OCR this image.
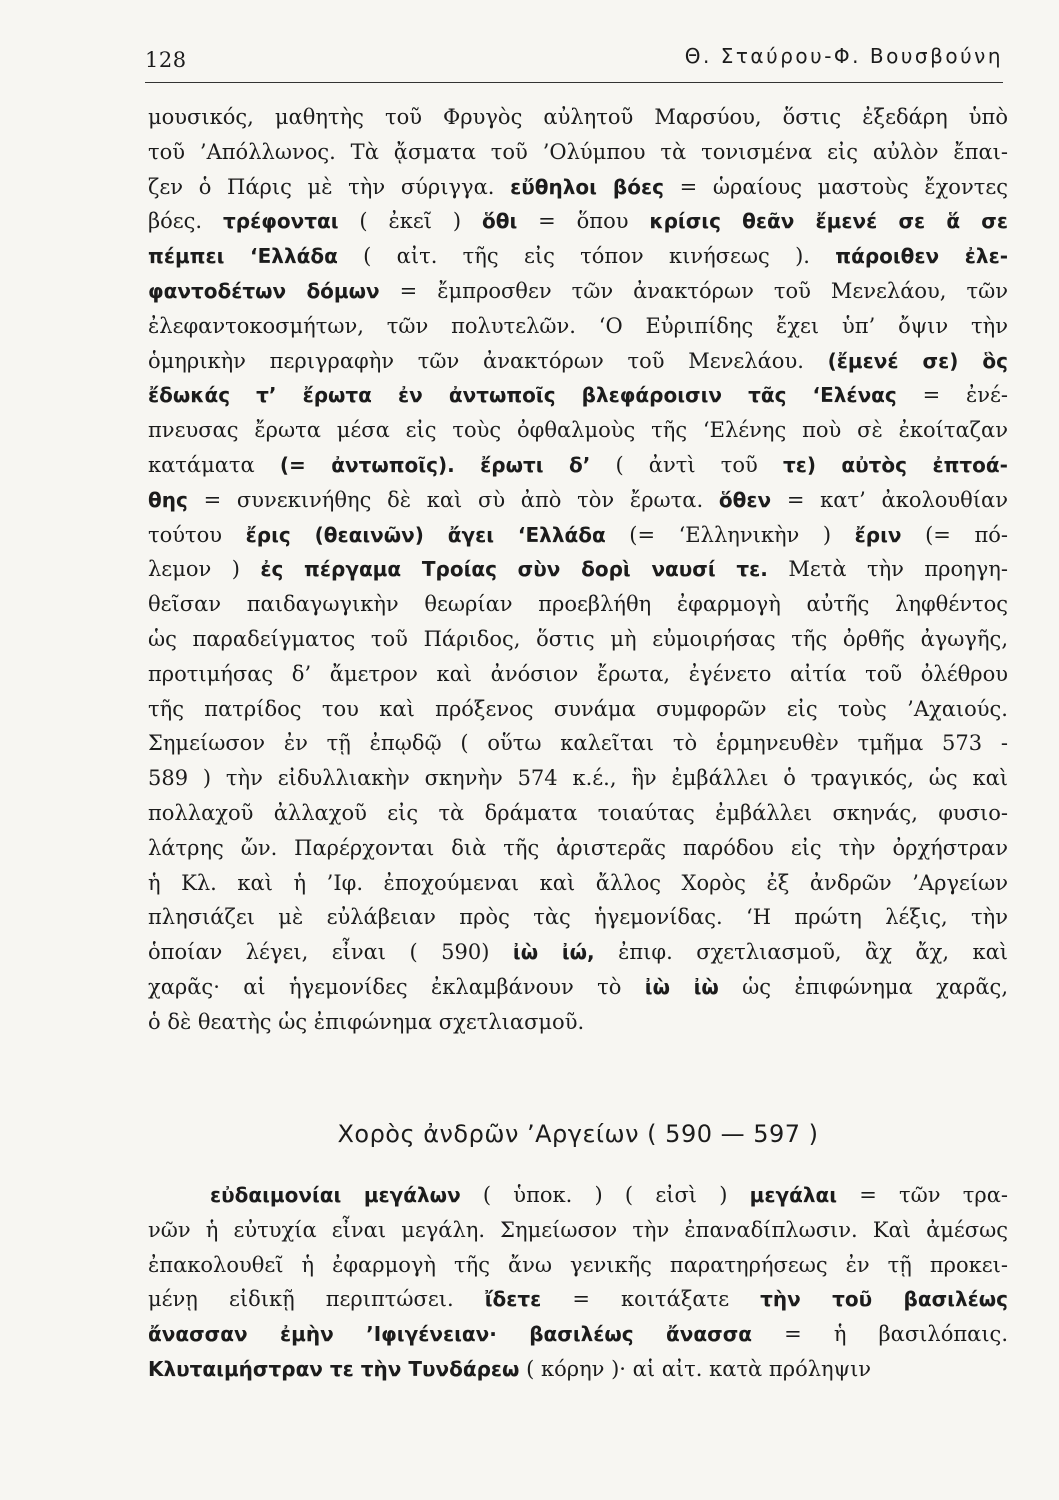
128	Θ. Σταύρου-Φ. Βουσβούνη
μουσικός, μαθητὴς τοῦ Φρυγὸς αὐλητοῦ Μαρσύου, ὅστις ἐξεδάρη ὑπὸ
τοῦ ’Απόλλωνος. Τὰ ᾄσματα τοῦ ’Ολύμπου τὰ τονισμένα εἰς αὐλὸν ἔπαι-
ζεν ὁ Πάρις μὲ τὴν σύριγγα. εὔθηλοι βόες = ὡραίους μαστοὺς ἔχοντες
βόες. τρέφονται ( ἐκεῖ ) ὅθι = ὅπου κρίσις θεᾶν ἔμενέ σε ἅ σε
πέμπει ‘Ελλάδα ( αἰτ. τῆς εἰς τόπον κινήσεως ). πάροιθεν ἐλε-
φαντοδέτων δόμων = ἔμπροσθεν τῶν ἀνακτόρων τοῦ Μενελάου, τῶν
ἐλεφαντοκοσμήτων, τῶν πολυτελῶν. ‘Ο Εὐριπίδης ἔχει ὑπ’ ὄψιν τὴν
ὁμηρικὴν περιγραφὴν τῶν ἀνακτόρων τοῦ Μενελάου. (ἔμενέ σε) ὃς
ἔδωκάς τ’ ἔρωτα ἐν ἀντωποῖς βλεφάροισιν τᾶς ‘Ελένας = ἐνέ-
πνευσας ἔρωτα μέσα εἰς τοὺς ὀφθαλμοὺς τῆς ‘Ελένης ποὺ σὲ ἐκοίταζαν
κατάματα (= ἀντωποῖς). ἔρωτι δ’ ( ἀντὶ τοῦ τε) αὐτὸς ἐπτοά-
θης = συνεκινήθης δὲ καὶ σὺ ἀπὸ τὸν ἔρωτα. ὅθεν = κατ’ ἀκολουθίαν
τούτου ἔρις (θεαινῶν) ἄγει ‘Ελλάδα (= ‘Ελληνικὴν ) ἔριν (= πό-
λεμον ) ἐς πέργαμα Τροίας σὺν δορὶ ναυσί τε. Μετὰ τὴν προηγη-
θεῖσαν παιδαγωγικὴν θεωρίαν προεβλήθη ἐφαρμογὴ αὐτῆς ληφθέντος
ὡς παραδείγματος τοῦ Πάριδος, ὅστις μὴ εὐμοιρήσας τῆς ὀρθῆς ἀγωγῆς,
προτιμήσας δ’ ἄμετρον καὶ ἀνόσιον ἔρωτα, ἐγένετο αἰτία τοῦ ὀλέθρου
τῆς πατρίδος του καὶ πρόξενος συνάμα συμφορῶν εἰς τοὺς ’Αχαιούς.
Σημείωσον ἐν τῇ ἐπῳδῷ ( οὕτω καλεῖται τὸ ἑρμηνευθὲν τμῆμα 573 -
589 ) τὴν εἰδυλλιακὴν σκηνὴν 574 κ.έ., ἣν ἐμβάλλει ὁ τραγικός, ὡς καὶ
πολλαχοῦ ἀλλαχοῦ εἰς τὰ δράματα τοιαύτας ἐμβάλλει σκηνάς, φυσιο-
λάτρης ὤν. Παρέρχονται διὰ τῆς ἀριστερᾶς παρόδου εἰς τὴν ὀρχήστραν
ἡ Κλ. καὶ ἡ ’Ιφ. ἐποχούμεναι καὶ ἄλλος Χορὸς ἐξ ἀνδρῶν ’Αργείων
πλησιάζει μὲ εὐλάβειαν πρὸς τὰς ἡγεμονίδας. ‘Η πρώτη λέξις, τὴν
ὁποίαν λέγει, εἶναι ( 590) ἰὼ ἰώ, ἐπιφ. σχετλιασμοῦ, ἂχ ἄχ, καὶ
χαρᾶς· αἱ ἡγεμονίδες ἐκλαμβάνουν τὸ ἰὼ ἰὼ ὡς ἐπιφώνημα χαρᾶς,
ὁ δὲ θεατὴς ὡς ἐπιφώνημα σχετλιασμοῦ.
Χορὸς ἀνδρῶν ’Αργείων ( 590 — 597 )
εὐδαιμονίαι μεγάλων ( ὑποκ. ) ( εἰσὶ ) μεγάλαι = τῶν τρα-
νῶν ἡ εὐτυχία εἶναι μεγάλη. Σημείωσον τὴν ἐπαναδίπλωσιν. Καὶ ἀμέσως
ἐπακολουθεῖ ἡ ἐφαρμογὴ τῆς ἄνω γενικῆς παρατηρήσεως ἐν τῇ προκει-
μένῃ εἰδικῇ περιπτώσει. ἴδετε = κοιτάξατε τὴν τοῦ βασιλέως
ἄνασσαν ἐμὴν ’Ιφιγένειαν· βασιλέως ἄνασσα = ἡ βασιλόπαις.
Κλυταιμήστραν τε τὴν Τυνδάρεω ( κόρην )· αἱ αἰτ. κατὰ πρόληψιν
